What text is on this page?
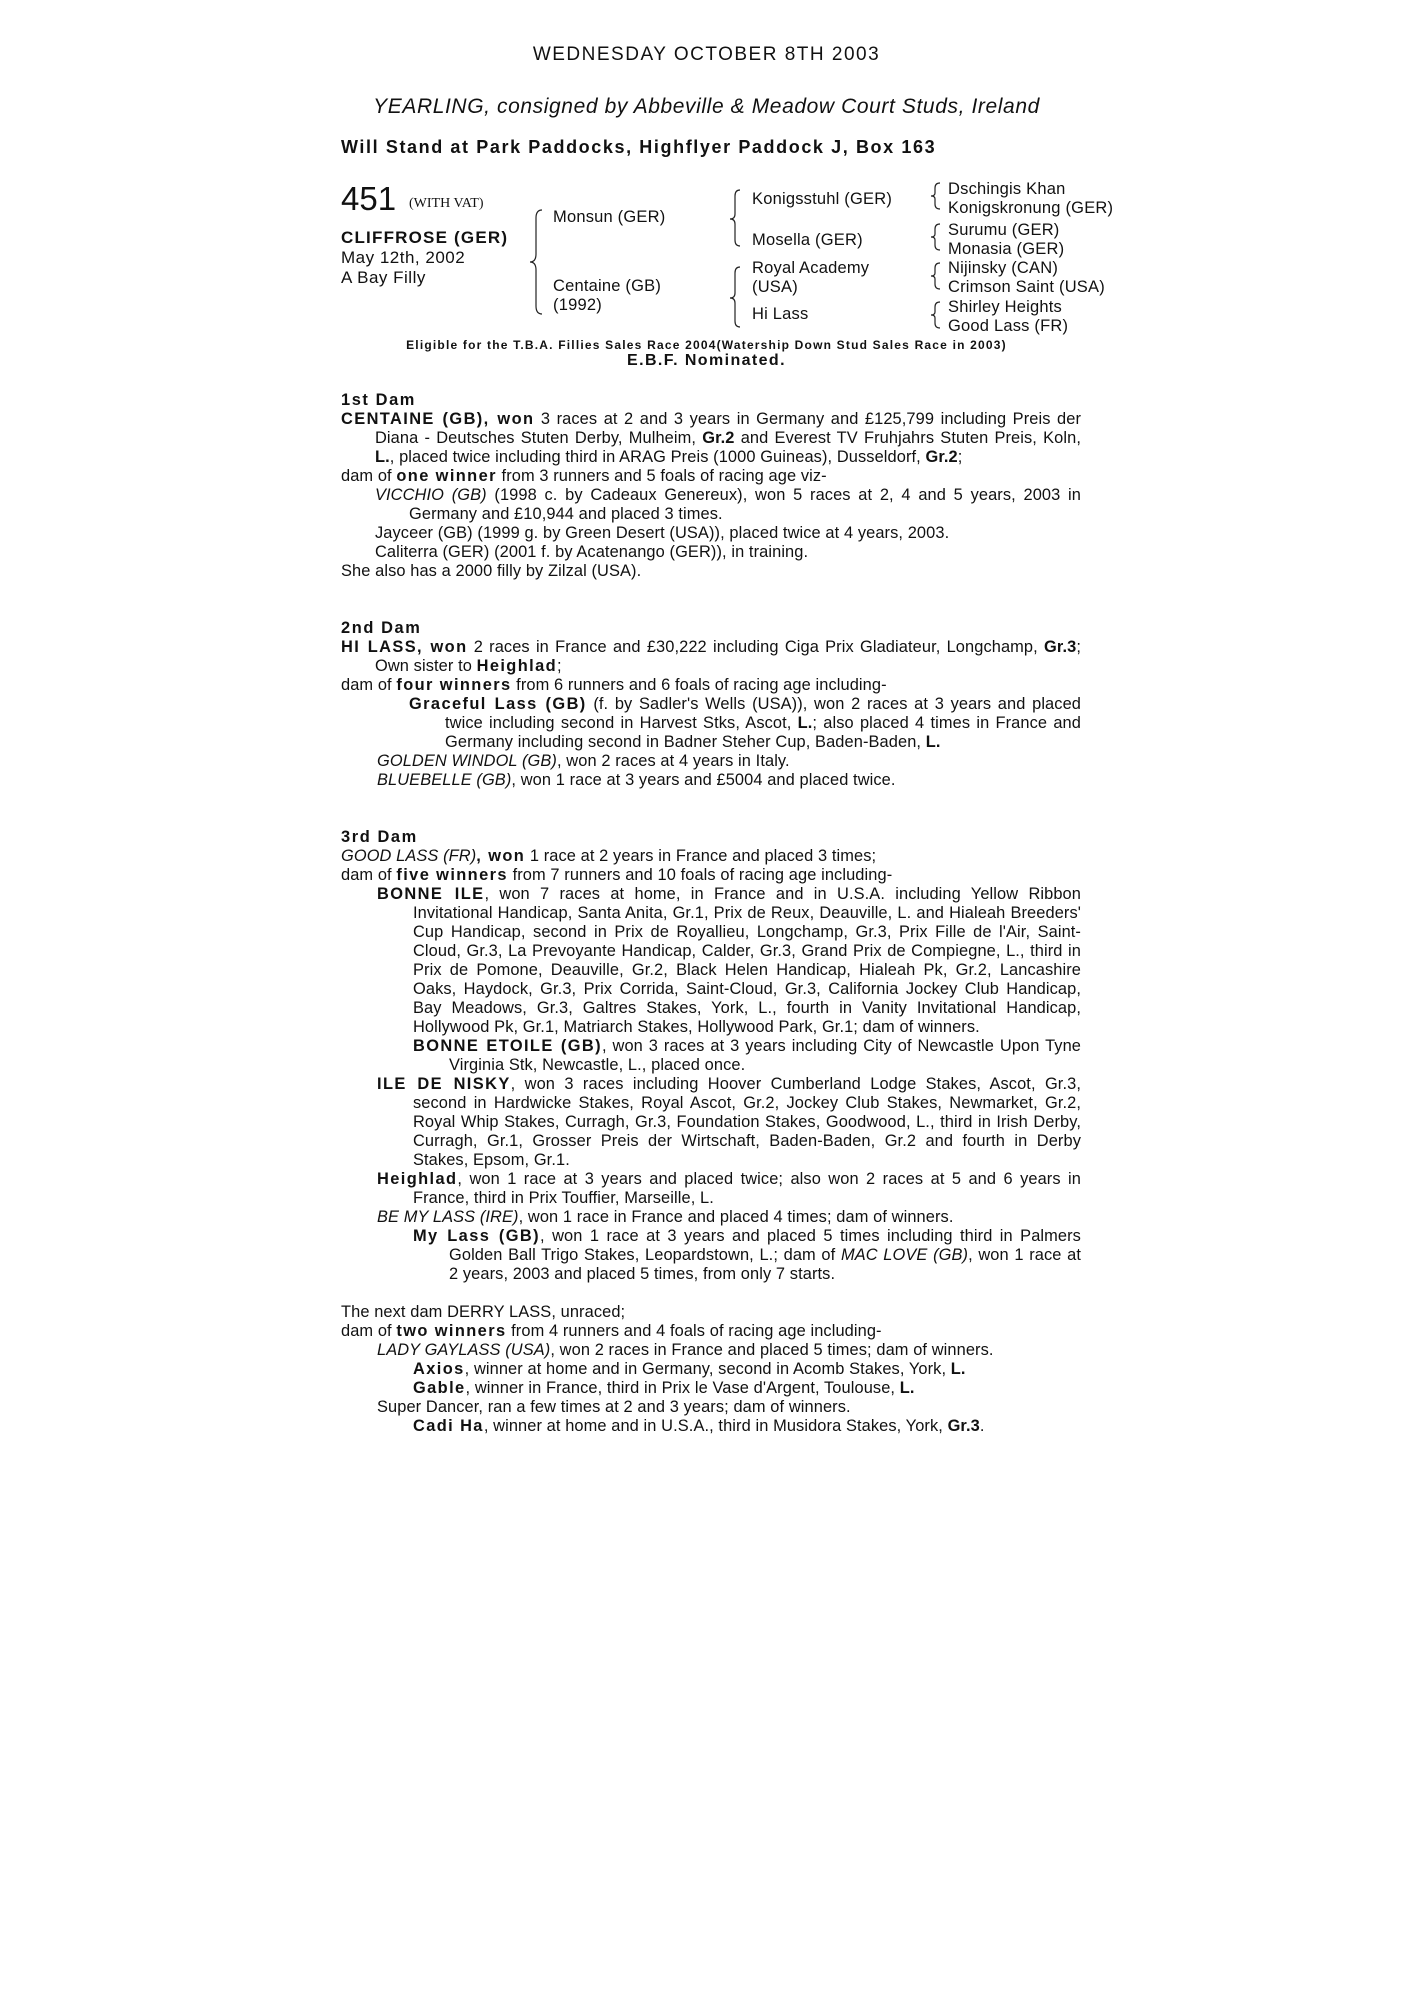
WEDNESDAY OCTOBER 8TH 2003
YEARLING, consigned by Abbeville & Meadow Court Studs, Ireland
Will Stand at Park Paddocks, Highflyer Paddock J, Box 163
451 (WITH VAT)
CLIFFROSE (GER)
May 12th, 2002
A Bay Filly
Monsun (GER)
Centaine (GB)
(1992)
Konigsstuhl (GER)
Mosella (GER)
Royal Academy
(USA)
Hi Lass
Dschingis Khan
Konigskronung (GER)
Surumu (GER)
Monasia (GER)
Nijinsky (CAN)
Crimson Saint (USA)
Shirley Heights
Good Lass (FR)
Eligible for the T.B.A. Fillies Sales Race 2004(Watership Down Stud Sales Race in 2003)
E.B.F. Nominated.

1st Dam

CENTAINE (GB), won 3 races at 2 and 3 years in Germany and £125,799 including Preis der Diana - Deutsches Stuten Derby, Mulheim, Gr.2 and Everest TV Fruhjahrs Stuten Preis, Koln, L., placed twice including third in ARAG Preis (1000 Guineas), Dusseldorf, Gr.2;

dam of one winner from 3 runners and 5 foals of racing age viz-

VICCHIO (GB) (1998 c. by Cadeaux Genereux), won 5 races at 2, 4 and 5 years, 2003 in Germany and £10,944 and placed 3 times.

Jayceer (GB) (1999 g. by Green Desert (USA)), placed twice at 4 years, 2003.

Caliterra (GER) (2001 f. by Acatenango (GER)), in training.

She also has a 2000 filly by Zilzal (USA).

2nd Dam

HI LASS, won 2 races in France and £30,222 including Ciga Prix Gladiateur, Longchamp, Gr.3; Own sister to Heighlad;

dam of four winners from 6 runners and 6 foals of racing age including-

Graceful Lass (GB) (f. by Sadler's Wells (USA)), won 2 races at 3 years and placed twice including second in Harvest Stks, Ascot, L.; also placed 4 times in France and Germany including second in Badner Steher Cup, Baden-Baden, L.

GOLDEN WINDOL (GB), won 2 races at 4 years in Italy.

BLUEBELLE (GB), won 1 race at 3 years and £5004 and placed twice.

3rd Dam

GOOD LASS (FR), won 1 race at 2 years in France and placed 3 times;

dam of five winners from 7 runners and 10 foals of racing age including-

BONNE ILE, won 7 races at home, in France and in U.S.A. including Yellow Ribbon Invitational Handicap, Santa Anita, Gr.1, Prix de Reux, Deauville, L. and Hialeah Breeders' Cup Handicap, second in Prix de Royallieu, Longchamp, Gr.3, Prix Fille de l'Air, Saint-Cloud, Gr.3, La Prevoyante Handicap, Calder, Gr.3, Grand Prix de Compiegne, L., third in Prix de Pomone, Deauville, Gr.2, Black Helen Handicap, Hialeah Pk, Gr.2, Lancashire Oaks, Haydock, Gr.3, Prix Corrida, Saint-Cloud, Gr.3, California Jockey Club Handicap, Bay Meadows, Gr.3, Galtres Stakes, York, L., fourth in Vanity Invitational Handicap, Hollywood Pk, Gr.1, Matriarch Stakes, Hollywood Park, Gr.1; dam of winners.

BONNE ETOILE (GB), won 3 races at 3 years including City of Newcastle Upon Tyne Virginia Stk, Newcastle, L., placed once.

ILE DE NISKY, won 3 races including Hoover Cumberland Lodge Stakes, Ascot, Gr.3, second in Hardwicke Stakes, Royal Ascot, Gr.2, Jockey Club Stakes, Newmarket, Gr.2, Royal Whip Stakes, Curragh, Gr.3, Foundation Stakes, Goodwood, L., third in Irish Derby, Curragh, Gr.1, Grosser Preis der Wirtschaft, Baden-Baden, Gr.2 and fourth in Derby Stakes, Epsom, Gr.1.

Heighlad, won 1 race at 3 years and placed twice; also won 2 races at 5 and 6 years in France, third in Prix Touffier, Marseille, L.

BE MY LASS (IRE), won 1 race in France and placed 4 times; dam of winners.

My Lass (GB), won 1 race at 3 years and placed 5 times including third in Palmers Golden Ball Trigo Stakes, Leopardstown, L.; dam of MAC LOVE (GB), won 1 race at 2 years, 2003 and placed 5 times, from only 7 starts.

The next dam DERRY LASS, unraced;

dam of two winners from 4 runners and 4 foals of racing age including-

LADY GAYLASS (USA), won 2 races in France and placed 5 times; dam of winners.

Axios, winner at home and in Germany, second in Acomb Stakes, York, L.

Gable, winner in France, third in Prix le Vase d'Argent, Toulouse, L.

Super Dancer, ran a few times at 2 and 3 years; dam of winners.

Cadi Ha, winner at home and in U.S.A., third in Musidora Stakes, York, Gr.3.
